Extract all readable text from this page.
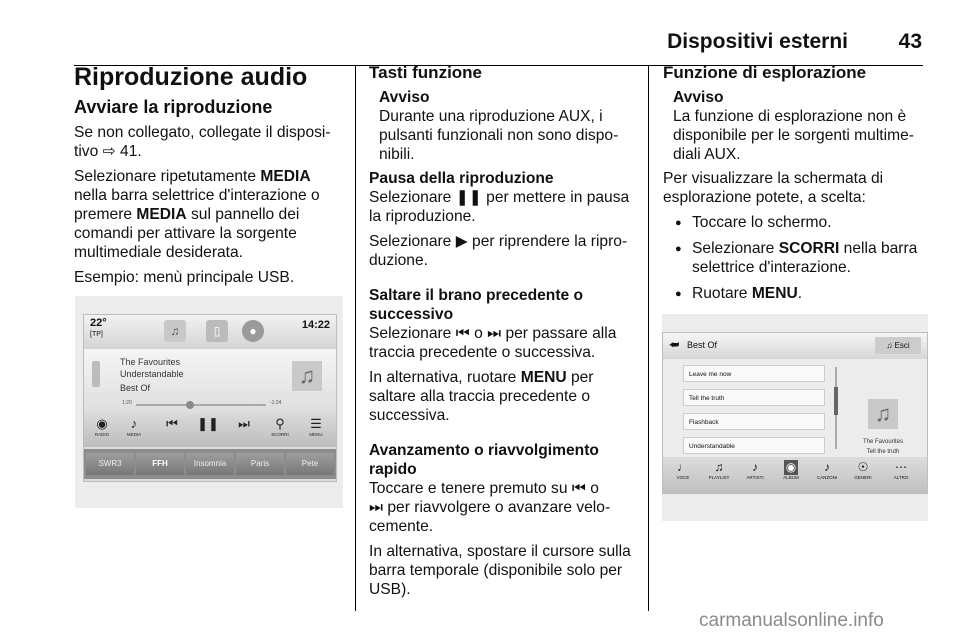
Dispositivi esterni 43
Riproduzione audio
Avviare la riproduzione

Se non collegato, collegate il disposi-tivo ⇨ 41.

Selezionare ripetutamente MEDIA nella barra selettrice d'interazione o premere MEDIA sul pannello dei comandi per attivare la sorgente multimediale desiderata.

Esempio: menù principale USB.

22°
[TP]	♫	▯	●	14:22
The Favourites
Understandable
Best Of	♫
1:20	-1:24
◉
RADIO
♪
MEDIA
⏮	❚❚	⏭	⚲
SCORRI
☰
MENU
SWR3	FFH	Insomnia	Paris	Pete
Tasti funzione
Avviso
Durante una riproduzione AUX, i pulsanti funzionali non sono dispo-nibili.
Pausa della riproduzione

Selezionare ❚❚ per mettere in pausa la riproduzione.

Selezionare ▶ per riprendere la ripro-duzione.

Saltare il brano precedente o successivo

Selezionare ⏮ o ⏭ per passare alla traccia precedente o successiva.

In alternativa, ruotare MENU per saltare alla traccia precedente o successiva.

Avanzamento o riavvolgimento rapido

Toccare e tenere premuto su ⏮ o
⏭ per riavvolgere o avanzare velo-cemente.

In alternativa, spostare il cursore sulla barra temporale (disponibile solo per USB).

Funzione di esplorazione
Avviso
La funzione di esplorazione non è disponibile per le sorgenti multime-diali AUX.

Per visualizzare la schermata di esplorazione potete, a scelta:

● Toccare lo schermo.
● Selezionare SCORRI nella barra selettrice d'interazione.
● Ruotare MENU.
⮨ Best Of	♫ Esci
Leave me now
Tell the truth
Flashback
Understandable
♫
The Favourites
Tell the truth
♩
VOCE
♫
PLAYLIST
♪
ARTISTI
◉
ALBUM
♪
CANZONI
☉
GENERI
⋯
ALTRO
carmanualsonline.info
